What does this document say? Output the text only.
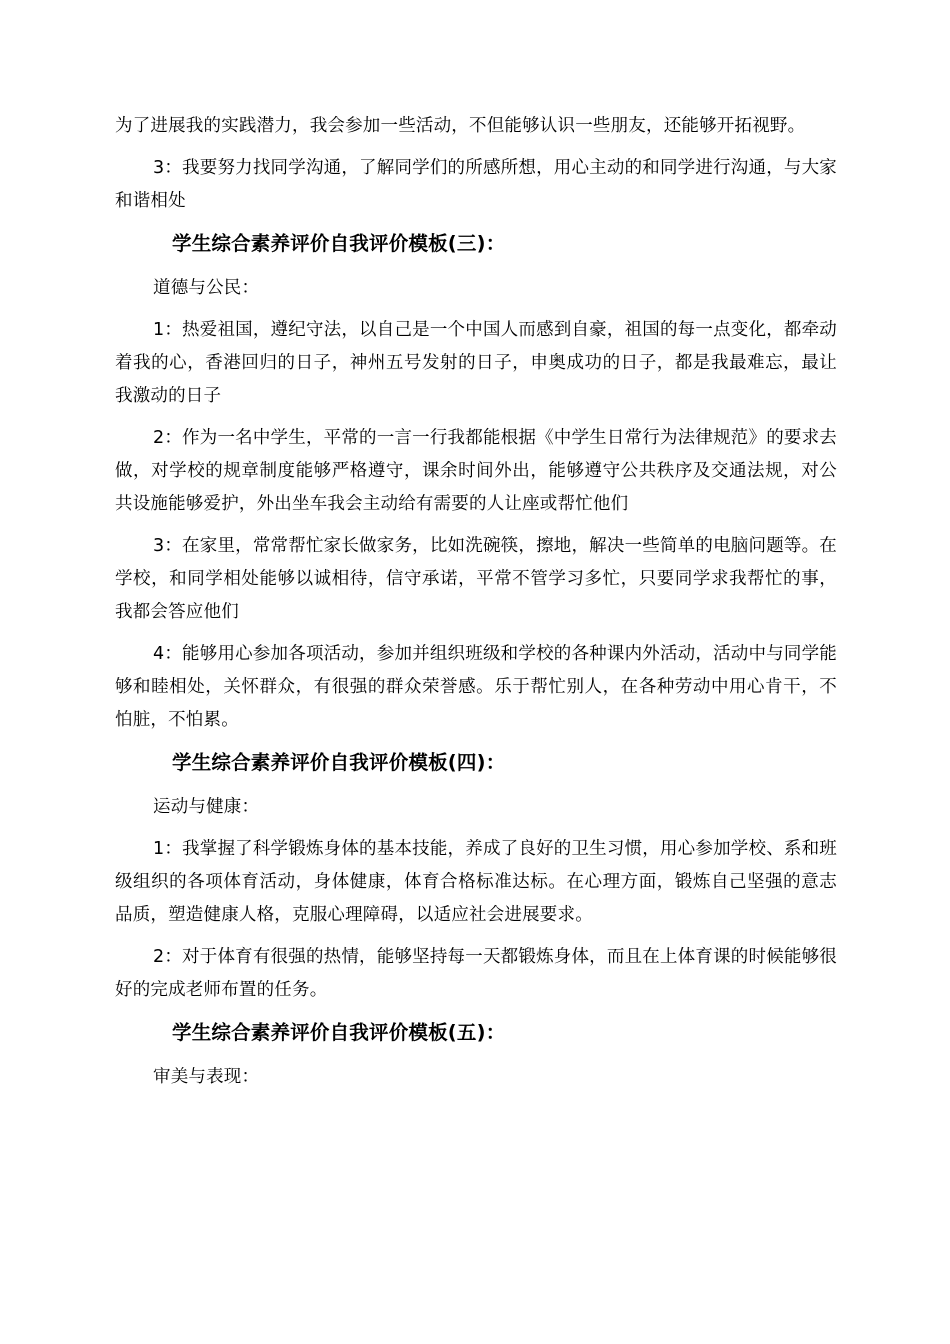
为了进展我的实践潜力，我会参加一些活动，不但能够认识一些朋友，还能够开拓视野。

3：我要努力找同学沟通，了解同学们的所感所想，用心主动的和同学进行沟通，与大家和谐相处

学生综合素养评价自我评价模板(三)：

道德与公民：

1：热爱祖国，遵纪守法，以自己是一个中国人而感到自豪，祖国的每一点变化，都牵动着我的心，香港回归的日子，神州五号发射的日子，申奥成功的日子，都是我最难忘，最让我激动的日子

2：作为一名中学生，平常的一言一行我都能根据《中学生日常行为法律规范》的要求去做，对学校的规章制度能够严格遵守，课余时间外出，能够遵守公共秩序及交通法规，对公共设施能够爱护，外出坐车我会主动给有需要的人让座或帮忙他们

3：在家里，常常帮忙家长做家务，比如洗碗筷，擦地，解决一些简单的电脑问题等。在学校，和同学相处能够以诚相待，信守承诺，平常不管学习多忙，只要同学求我帮忙的事，我都会答应他们

4：能够用心参加各项活动，参加并组织班级和学校的各种课内外活动，活动中与同学能够和睦相处，关怀群众，有很强的群众荣誉感。乐于帮忙别人，在各种劳动中用心肯干，不怕脏，不怕累。

学生综合素养评价自我评价模板(四)：

运动与健康：

1：我掌握了科学锻炼身体的基本技能，养成了良好的卫生习惯，用心参加学校、系和班级组织的各项体育活动，身体健康，体育合格标准达标。在心理方面，锻炼自己坚强的意志品质，塑造健康人格，克服心理障碍，以适应社会进展要求。

2：对于体育有很强的热情，能够坚持每一天都锻炼身体，而且在上体育课的时候能够很好的完成老师布置的任务。

学生综合素养评价自我评价模板(五)：

审美与表现：
